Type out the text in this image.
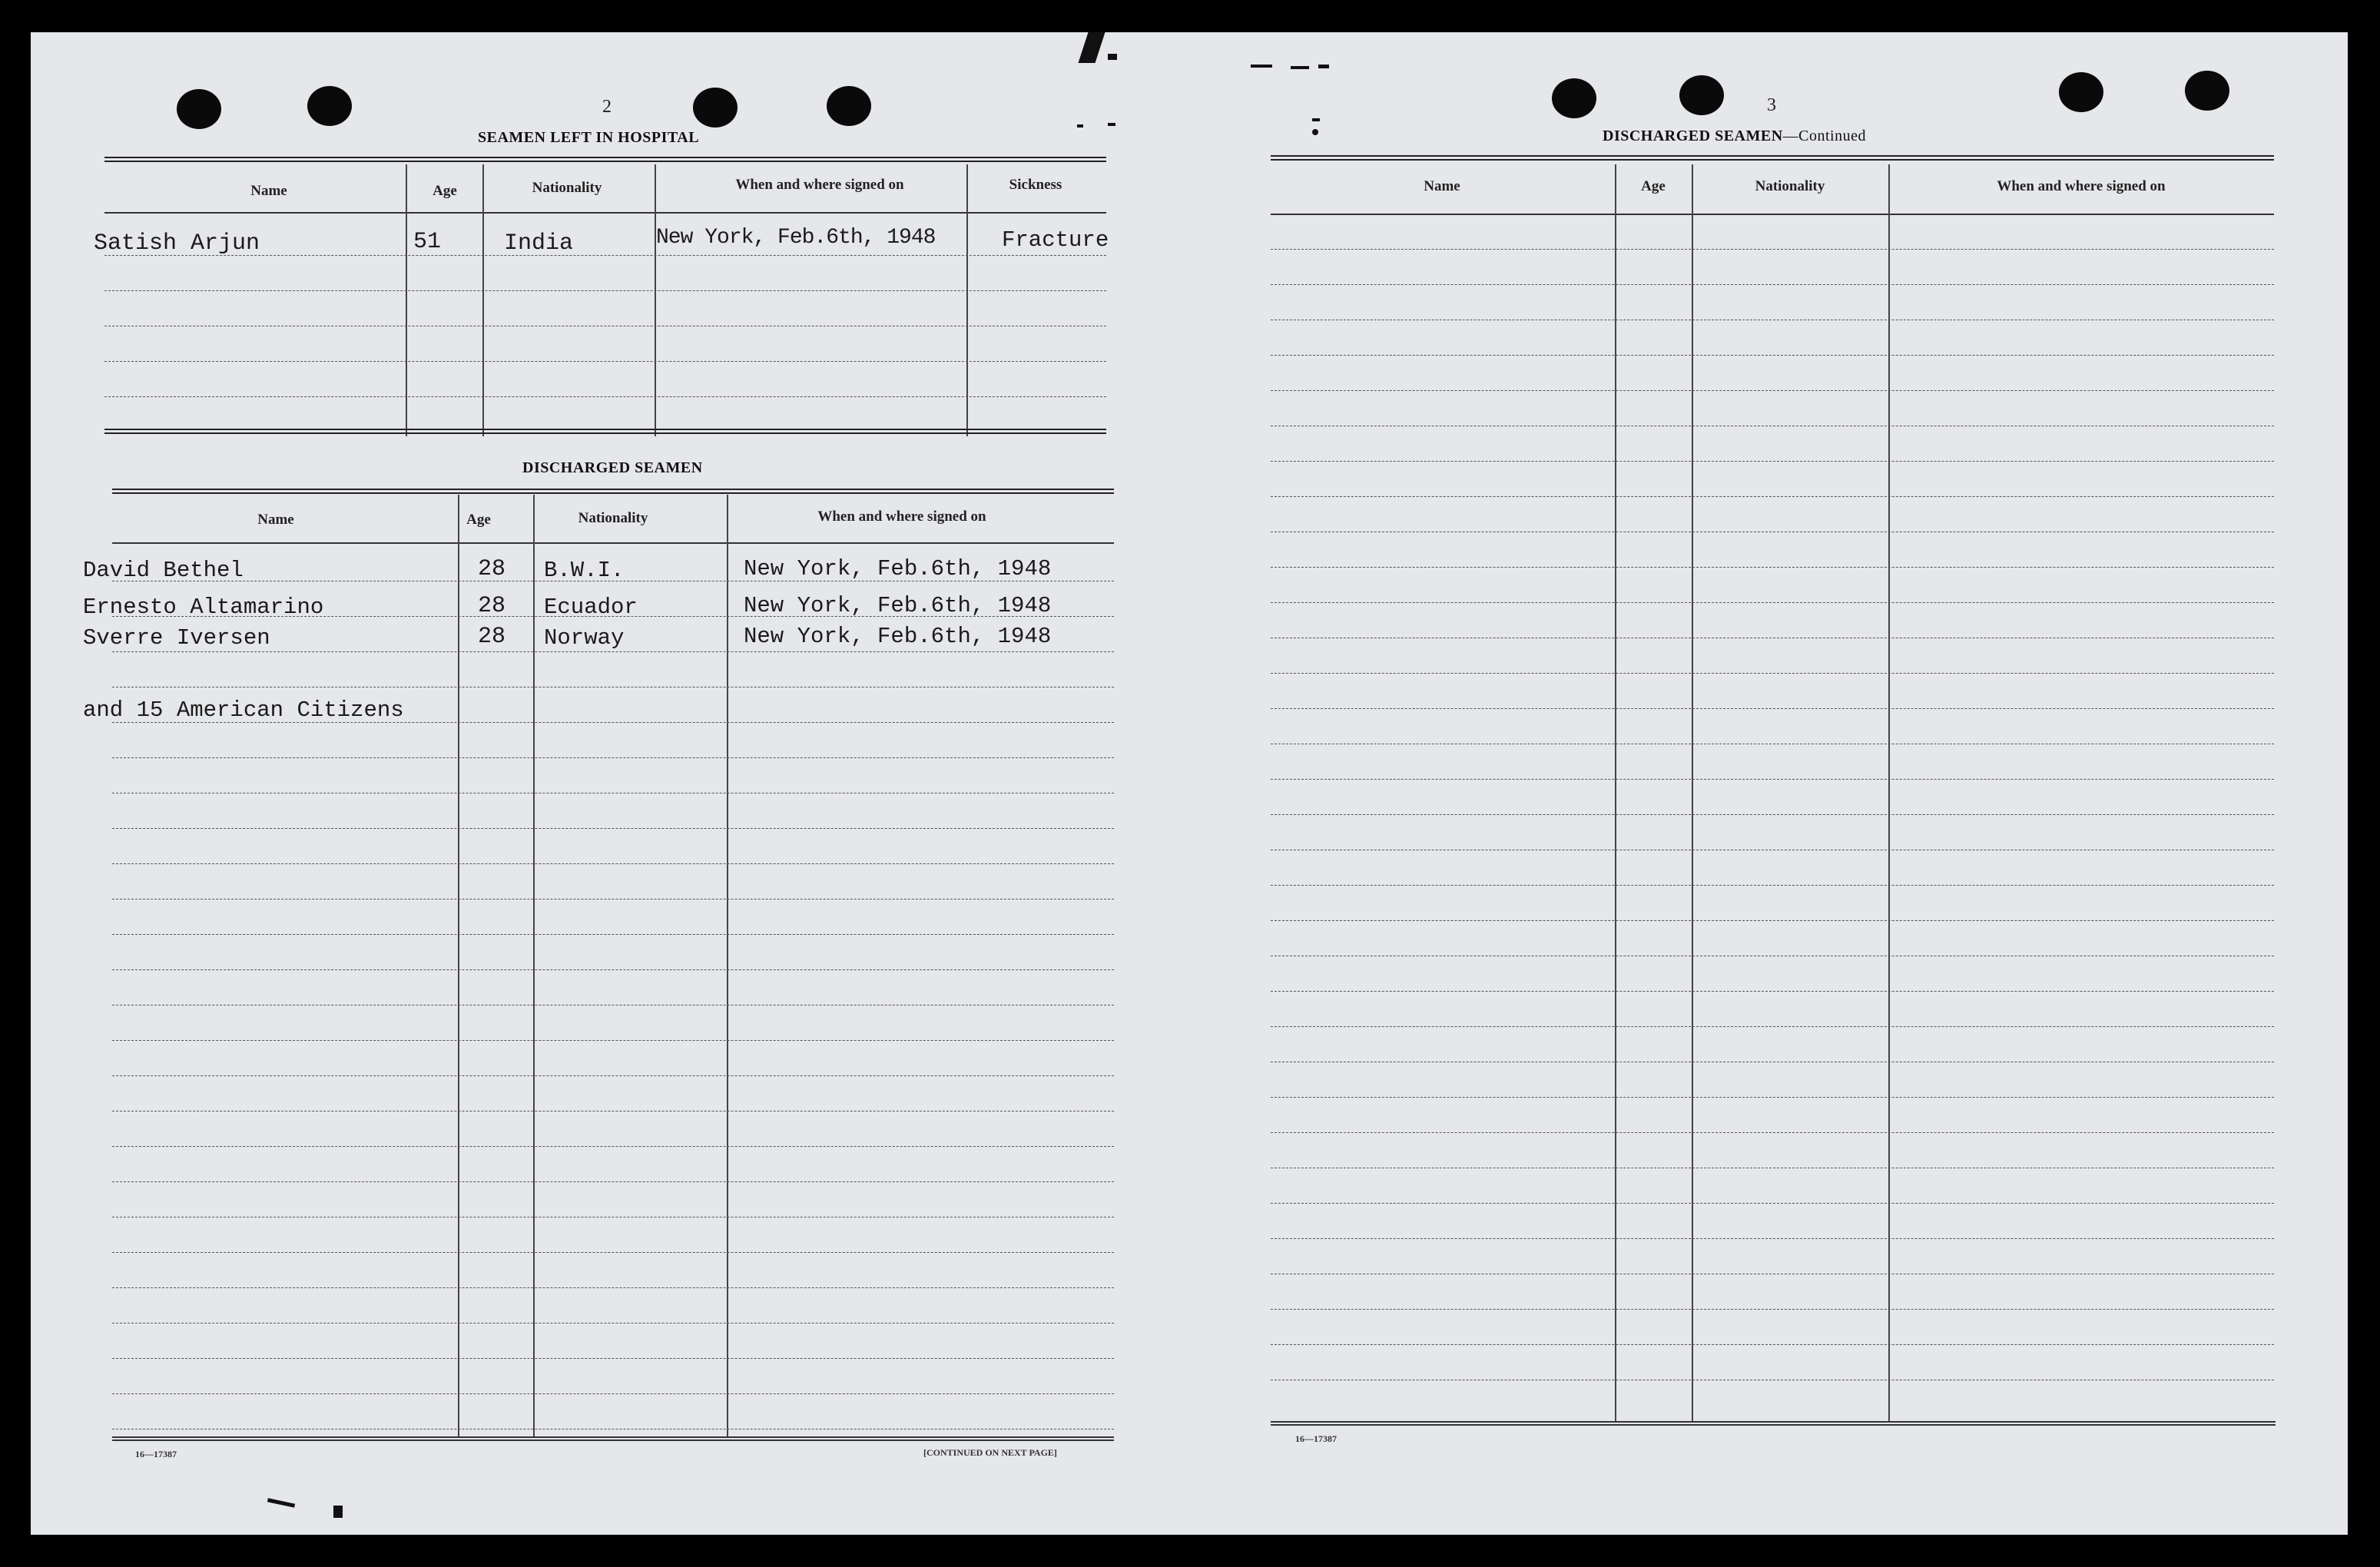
2
SEAMEN LEFT IN HOSPITAL
Name	Age	Nationality	When and where signed on	Sickness
Satish Arjun	51	India	New York, Feb.6th, 1948	Fracture
DISCHARGED SEAMEN
Name	Age	Nationality	When and where signed on
David Bethel	28 B.W.I.	New York, Feb.6th, 1948
Ernesto Altamarino	28 Ecuador	New York, Feb.6th, 1948
Sverre Iversen	28 Norway	New York, Feb.6th, 1948
and 15 American Citizens
16—17387	[CONTINUED ON NEXT PAGE]
3
DISCHARGED SEAMEN—Continued
Name	Age	Nationality	When and where signed on
16—17387
